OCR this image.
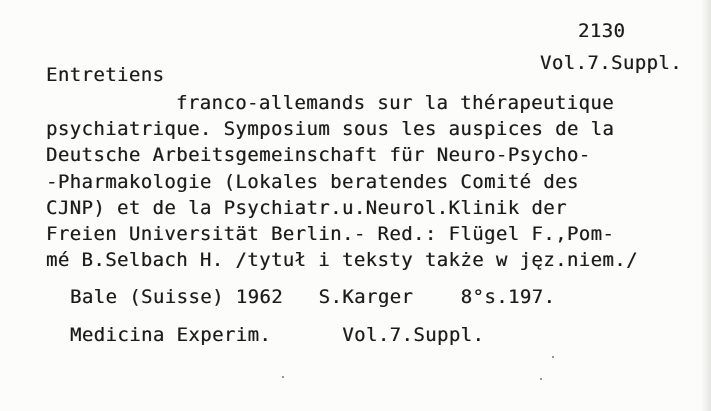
2130
Vol.7.Suppl.
Entretiens
franco-allemands sur la thérapeutique
psychiatrique. Symposium sous les auspices de la
Deutsche Arbeitsgemeinschaft für Neuro-Psycho-
-Pharmakologie (Lokales beratendes Comité des
CJNP) et de la Psychiatr.u.Neurol.Klinik der
Freien Universität Berlin.- Red.: Flügel F.,Pom-
mé B.Selbach H. /tytuł i teksty także w jęz.niem./
Bale (Suisse) 1962   S.Karger    8°s.197.
Medicina Experim.      Vol.7.Suppl.
